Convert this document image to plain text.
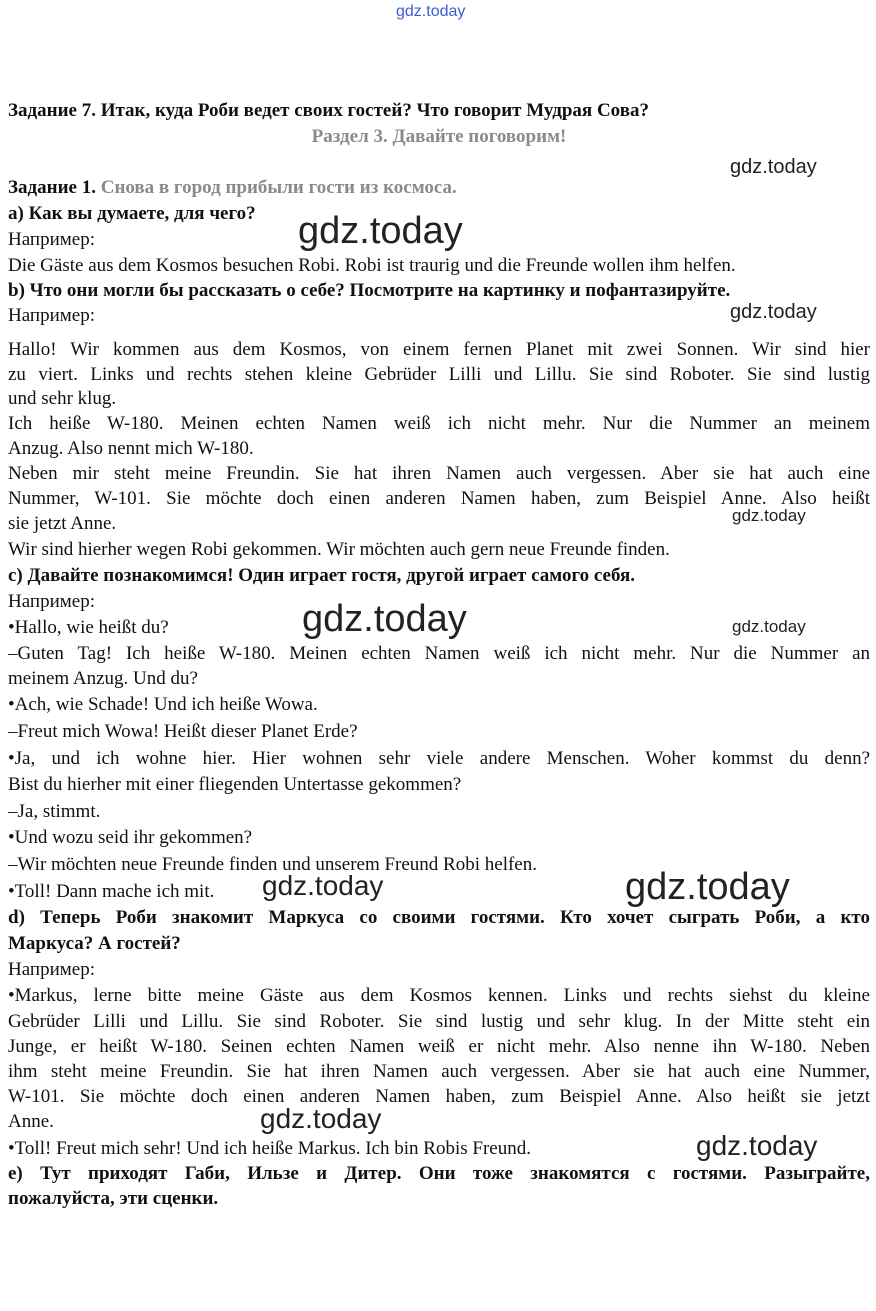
gdz.today
Задание 7. Итак, куда Роби ведет своих гостей? Что говорит Мудрая Сова?
Раздел 3. Давайте поговорим!
gdz.today
Задание 1. Снова в город прибыли гости из космоса.
а) Как вы думаете, для чего?	gdz.today
Например:
Die Gäste aus dem Kosmos besuchen Robi. Robi ist traurig und die Freunde wollen ihm helfen.
b) Что они могли бы рассказать о себе? Посмотрите на картинку и пофантазируйте.
Например:	gdz.today
Hallo! Wir kommen aus dem Kosmos, von einem fernen Planet mit zwei Sonnen. Wir sind hier
zu viert. Links und rechts stehen kleine Gebrüder Lilli und Lillu. Sie sind Roboter. Sie sind lustig
und sehr klug.
Ich heiße W-180. Meinen echten Namen weiß ich nicht mehr. Nur die Nummer an meinem
Anzug. Also nennt mich W-180.
Neben mir steht meine Freundin. Sie hat ihren Namen auch vergessen. Aber sie hat auch eine
Nummer, W-101. Sie möchte doch einen anderen Namen haben, zum Beispiel Anne. Also heißt
gdz.today
sie jetzt Anne.
Wir sind hierher wegen Robi gekommen. Wir möchten auch gern neue Freunde finden.
с) Давайте познакомимся! Один играет гостя, другой играет самого себя.
Например:
•Hallo, wie heißt du?	gdz.today	gdz.today
–Guten Tag! Ich heiße W-180. Meinen echten Namen weiß ich nicht mehr. Nur die Nummer an
meinem Anzug. Und du?
•Ach, wie Schade! Und ich heiße Wowa.
–Freut mich Wowa! Heißt dieser Planet Erde?
•Ja, und ich wohne hier. Hier wohnen sehr viele andere Menschen. Woher kommst du denn?
Bist du hierher mit einer fliegenden Untertasse gekommen?
–Ja, stimmt.
•Und wozu seid ihr gekommen?
–Wir möchten neue Freunde finden und unserem Freund Robi helfen.
•Toll! Dann mache ich mit.	gdz.today	gdz.today
d) Теперь Роби знакомит Маркуса со своими гостями. Кто хочет сыграть Роби, а кто
Маркуса? А гостей?
Например:
•Markus, lerne bitte meine Gäste aus dem Kosmos kennen. Links und rechts siehst du kleine
Gebrüder Lilli und Lillu. Sie sind Roboter. Sie sind lustig und sehr klug. In der Mitte steht ein
Junge, er heißt W-180. Seinen echten Namen weiß er nicht mehr. Also nenne ihn W-180. Neben
ihm steht meine Freundin. Sie hat ihren Namen auch vergessen. Aber sie hat auch eine Nummer,
W-101. Sie möchte doch einen anderen Namen haben, zum Beispiel Anne. Also heißt sie jetzt
Anne.	gdz.today
•Toll! Freut mich sehr! Und ich heiße Markus. Ich bin Robis Freund.	gdz.today
е) Тут приходят Габи, Ильзе и Дитер. Они тоже знакомятся с гостями. Разыграйте,
пожалуйста, эти сценки.
